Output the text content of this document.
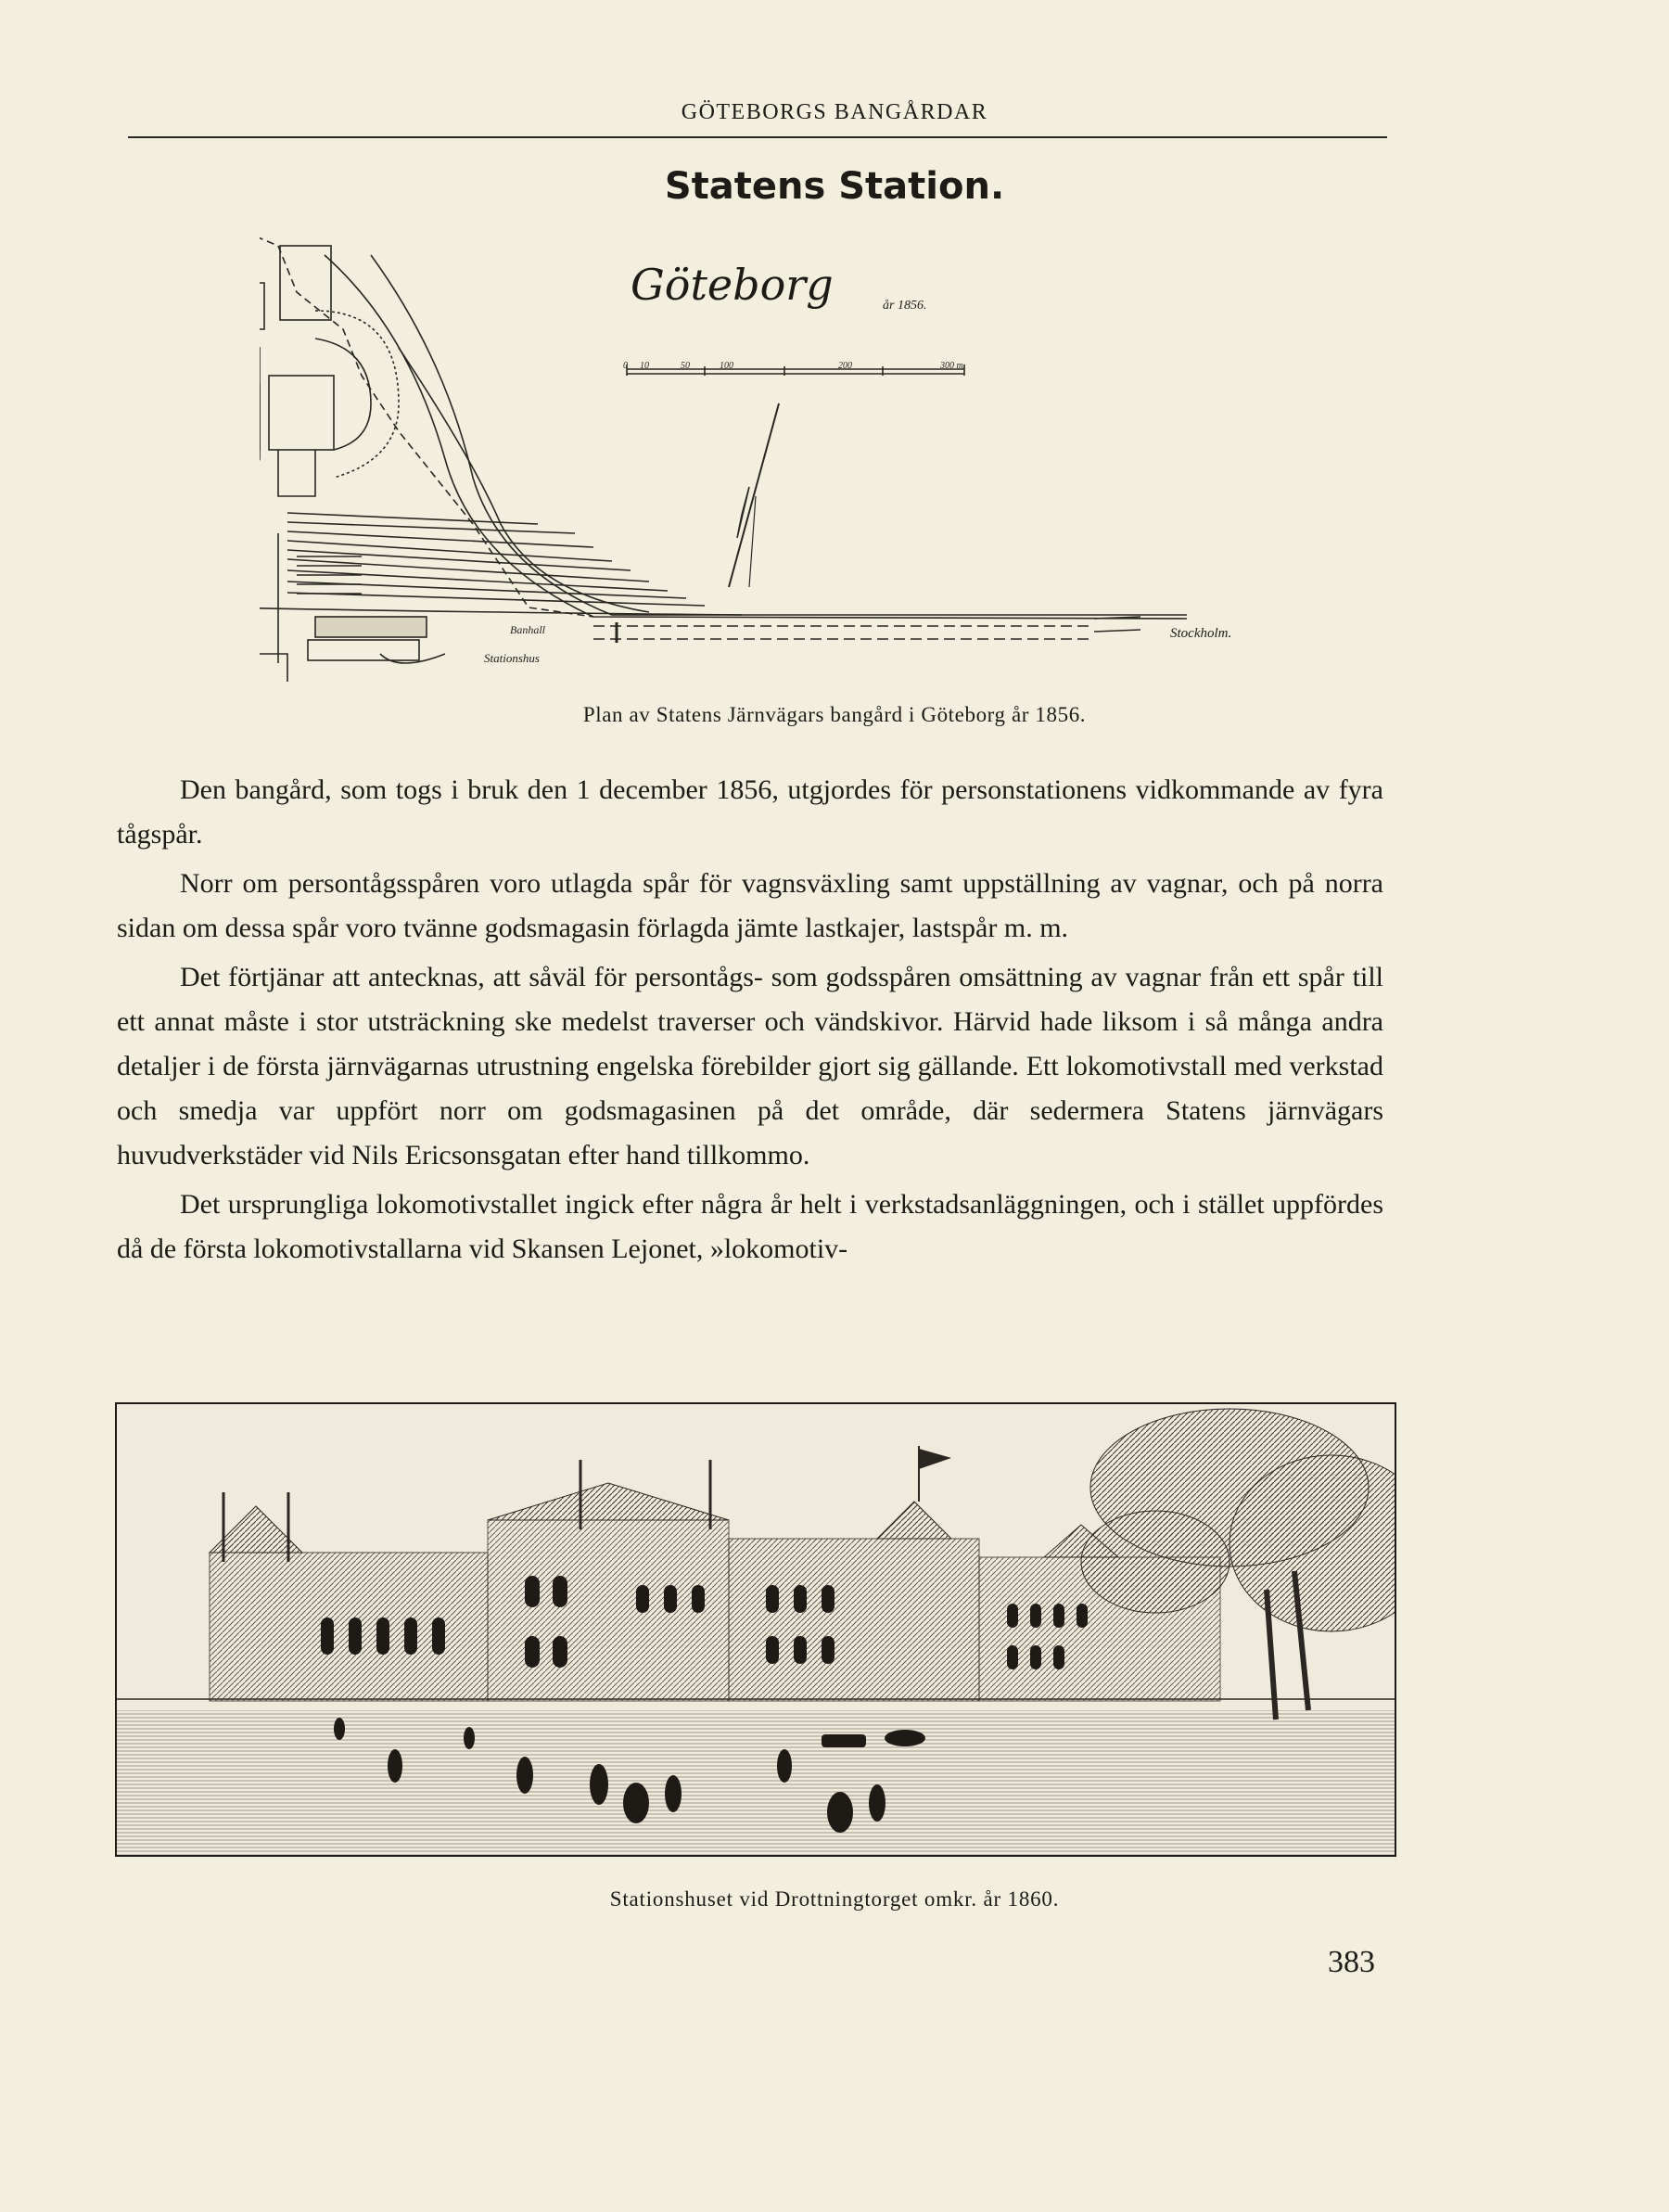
GÖTEBORGS BANGÅRDAR
Statens Station.
Göteborg	år 1856.
Stockholm.
Banhall
Stationshus
0 10	50	100	200	300 m.
Plan av Statens Järnvägars bangård i Göteborg år 1856.

Den bangård, som togs i bruk den 1 december 1856, utgjordes för personstationens vidkommande av fyra tågspår.

Norr om persontågsspåren voro utlagda spår för vagnsväxling samt uppställning av vagnar, och på norra sidan om dessa spår voro tvänne godsmagasin förlagda jämte lastkajer, lastspår m. m.

Det förtjänar att antecknas, att såväl för persontågs- som godsspåren omsättning av vagnar från ett spår till ett annat måste i stor utsträckning ske medelst traverser och vändskivor. Härvid hade liksom i så många andra detaljer i de första järnvägarnas utrustning engelska förebilder gjort sig gällande. Ett lokomotivstall med verkstad och smedja var uppfört norr om godsmagasinen på det område, där sedermera Statens järnvägars huvudverkstäder vid Nils Ericsonsgatan efter hand tillkommo.

Det ursprungliga lokomotivstallet ingick efter några år helt i verkstadsanläggningen, och i stället uppfördes då de första lokomotivstallarna vid Skansen Lejonet, »lokomotiv-

Stationshuset vid Drottningtorget omkr. år 1860.
383
